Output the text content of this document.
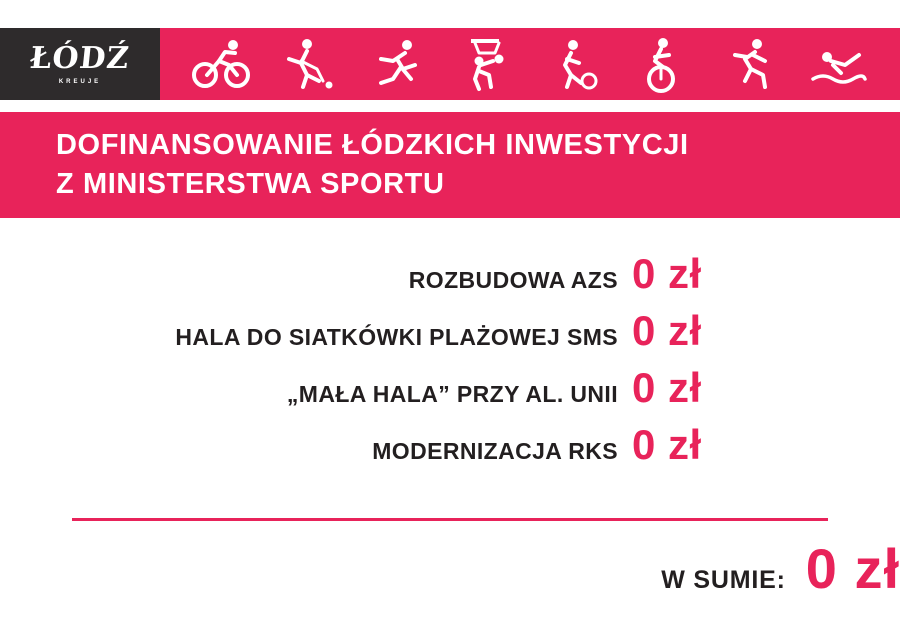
ŁÓDŹ
KREUJE
DOFINANSOWANIE ŁÓDZKICH INWESTYCJI
Z MINISTERSTWA SPORTU
ROZBUDOWA AZS 0 zł
HALA DO SIATKÓWKI PLAŻOWEJ SMS 0 zł
„MAŁA HALA” PRZY AL. UNII 0 zł
MODERNIZACJA RKS 0 zł
W SUMIE: 0 zł
